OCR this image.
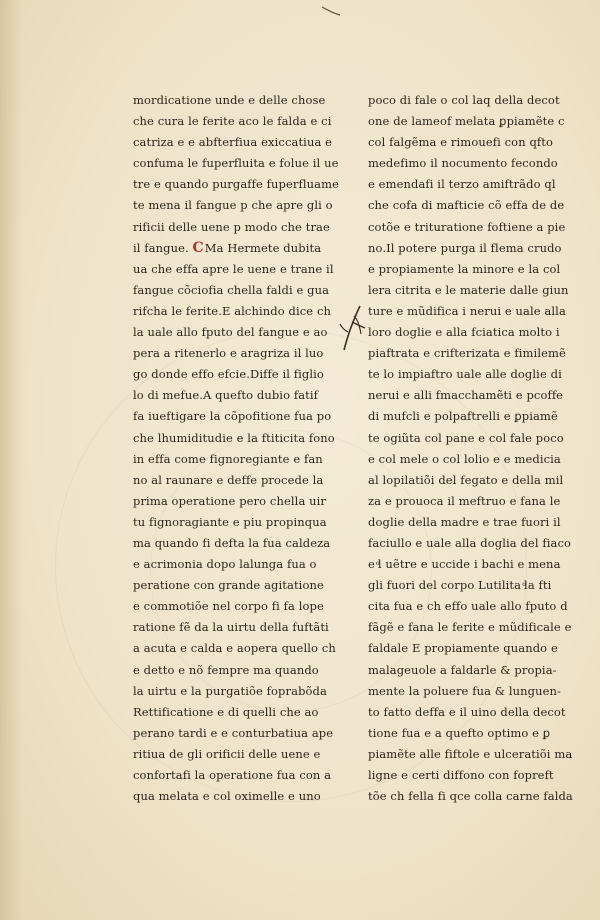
mordicatione unde e delle chose
che cura le ferite aco le falda e ci
catriza e e abfterfiua exiccatiua e
confuma le fuperfluita e folue il ue
tre e quando purgaffe fuperfluame
te mena il fangue p che apre gli o
rificii delle uene p modo che trae
il fangue. CMa Hermete dubita
ua che effa apre le uene e trane il
fangue cõciofia chella faldi e gua
rifcha le ferite.E alchindo dice ch
la uale allo fputo del fangue e ao
pera a ritenerlo e aragriza il luo
go donde effo efcie.Diffe il figlio
lo di mefue.A quefto dubio fatif
fa iueftigare la cõpofitione fua po
che lhumiditudie e la ftiticita fono
in effa come fignoregiante e fan
no al raunare e deffe procede la
prima operatione pero chella uir
tu fignoragiante e piu propinqua
ma quando fi defta la fua caldeza
e acrimonia dopo lalunga fua o
peratione con grande agitatione
e commotiõe nel corpo fi fa lope
ratione fẽ da la uirtu della fuftãti
a acuta e calda e aopera quello ch
e detto e nõ fempre ma quando
la uirtu e la purgatiõe foprabõda
Rettificatione e di quelli che ao
perano tardi e e conturbatiua ape
ritiua de gli orificii delle uene e
confortafi la operatione fua con a
qua melata e col oximelle e uno
poco di fale o col laq della decot
one de lameof melata ꝑpiamẽte c
col falgẽma e rimouefi con qfto
medefimo il nocumento fecondo
e emendafi il terzo amiftrãdo ql
che cofa di mafticie cõ effa de de
cotõe e trituratione foftiene a pie
no.Il potere purga il flema crudo
e propiamente la minore e la col
lera citrita e le materie dalle giun
ture e mũdifica i nerui e uale alla
loro doglie e alla fciatica molto i
piaftrata e crifterizata e fimilemẽ
te lo impiaftro uale alle doglie di
nerui e alli fmacchamẽti e pcoffe
di mufcli e polpaftrelli e ꝑpiamẽ
te ogiũta col pane e col fale poco
e col mele o col lolio e e medicia
al lopilatiõi del fegato e della mil
za e prouoca il meftruo e fana le
doglie della madre e trae fuori il
faciullo e uale alla doglia del fiaco
e ͦl uẽtre e uccide i bachi e mena
gli fuori del corpo Lutilita ͦla fti
cita fua e ch effo uale allo fputo d
fãgẽ e fana le ferite e mũdificale e
faldale E propiamente quando e
malageuole a faldarle & propia-
mente la poluere fua & lunguen-
to fatto deffa e il uino della decot
tione fua e a quefto optimo e ꝑ
piamẽte alle fiftole e ulceratiõi ma
ligne e certi diffono con fopreft
tõe ch fella fi qce colla carne falda
